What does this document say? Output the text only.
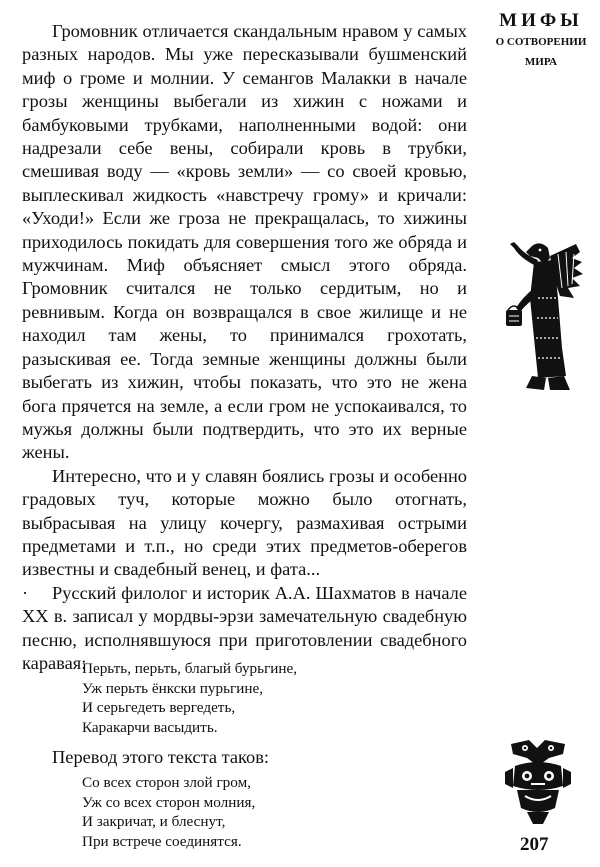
МИФЫ
О СОТВОРЕНИИ
МИРА

Громовник отличается скандальным нравом у самых разных народов. Мы уже пересказывали бушменский миф о громе и молнии. У семангов Малакки в начале грозы женщины выбегали из хижин с ножами и бамбуковыми трубками, наполненными водой: они надрезали себе вены, собирали кровь в трубки, смешивая воду — «кровь земли» — со своей кровью, выплескивал жидкость «навстречу грому» и кричали: «Уходи!» Если же гроза не прекращалась, то хижины приходилось покидать для совершения того же обряда и мужчинам. Миф объясняет смысл этого обряда. Громовник считался не только сердитым, но и ревнивым. Когда он возвращался в свое жилище и не находил там жены, то принимался грохотать, разыскивая ее. Тогда земные женщины должны были выбегать из хижин, чтобы показать, что это не жена бога прячется на земле, а если гром не успокаивался, то мужья должны были подтвердить, что это их верные жены.

Интересно, что и у славян боялись грозы и особенно градовых туч, которые можно было отогнать, выбрасывая на улицу кочергу, размахивая острыми предметами и т.п., но среди этих предметов-оберегов известны и свадебный венец, и фата...

· Русский филолог и историк А.А. Шахматов в начале XX в. записал у мордвы-эрзи замечательную свадебную песню, исполнявшуюся при приготовлении свадебного каравая:

Перьть, перьть, благый бурьгине,
Уж перьть ёнкски пурьгине,
И серьгедеть вергедеть,
Каракарчи васыдить.
Перевод этого текста таков:
Со всех сторон злой гром,
Уж со всех сторон молния,
И закричат, и блеснут,
При встрече соединятся.	207
